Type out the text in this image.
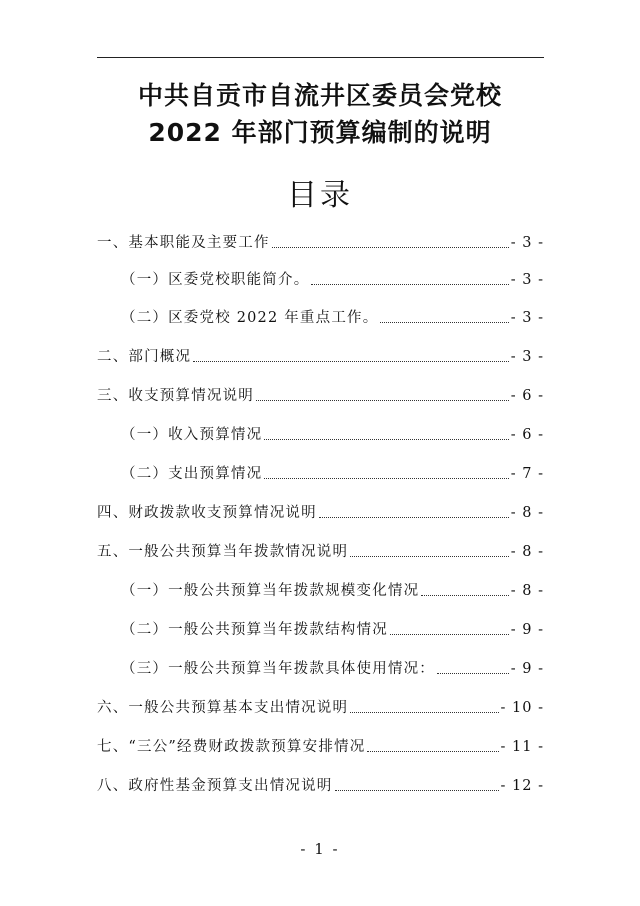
中共自贡市自流井区委员会党校
2022 年部门预算编制的说明
目录
一、基本职能及主要工作	- 3 -
（一）区委党校职能简介。	- 3 -
（二）区委党校 2022 年重点工作。	- 3 -
二、部门概况	- 3 -
三、收支预算情况说明	- 6 -
（一）收入预算情况	- 6 -
（二）支出预算情况	- 7 -
四、财政拨款收支预算情况说明	- 8 -
五、一般公共预算当年拨款情况说明	- 8 -
（一）一般公共预算当年拨款规模变化情况	- 8 -
（二）一般公共预算当年拨款结构情况	- 9 -
（三）一般公共预算当年拨款具体使用情况：	- 9 -
六、一般公共预算基本支出情况说明	- 10 -
七、“三公”经费财政拨款预算安排情况	- 11 -
八、政府性基金预算支出情况说明	- 12 -
- 1 -
